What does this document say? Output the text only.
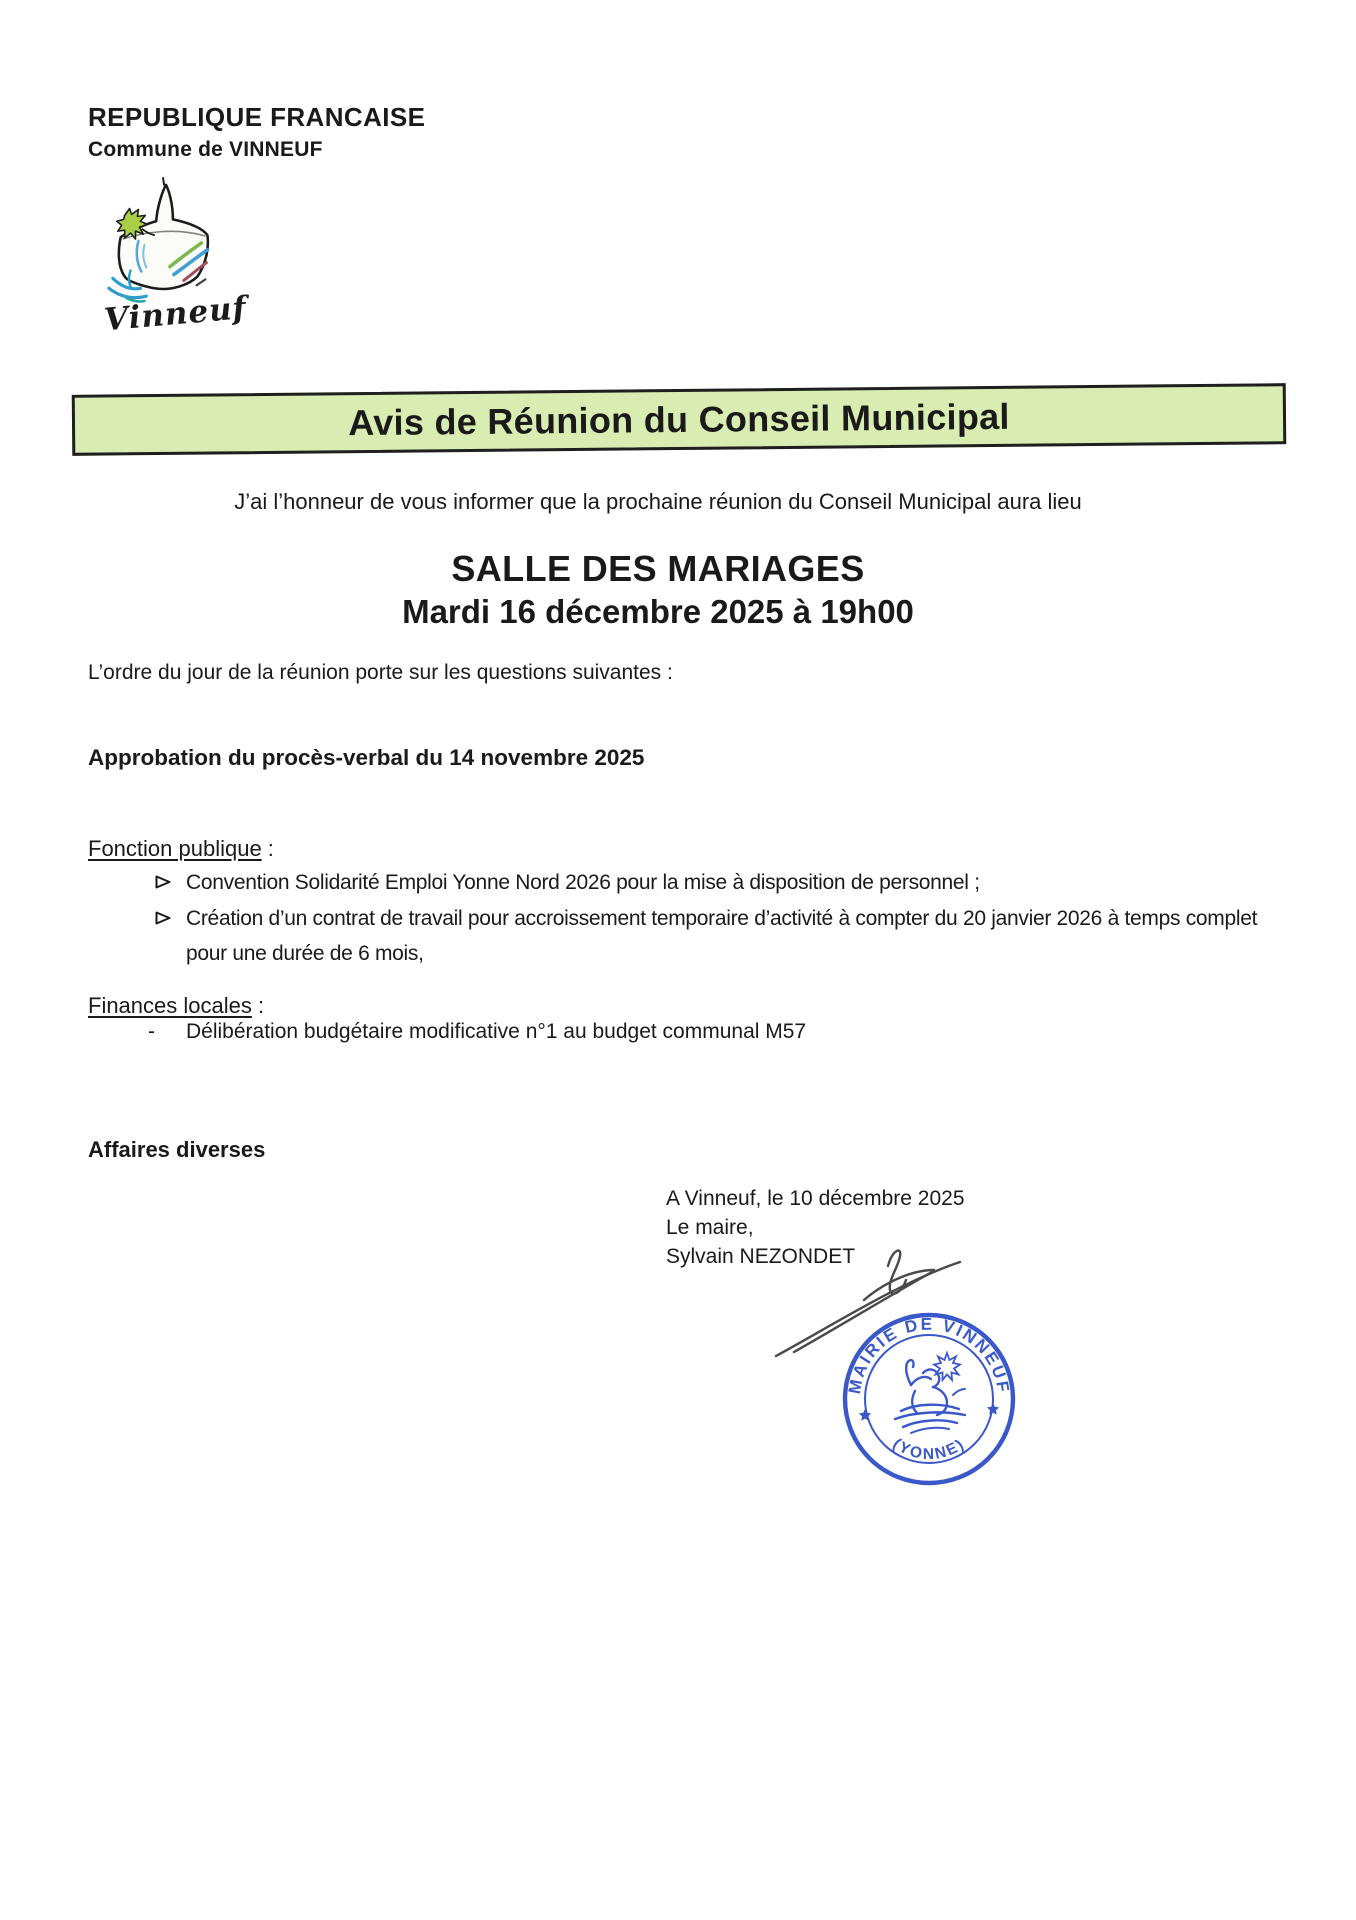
REPUBLIQUE FRANCAISE
Commune de VINNEUF
Vinneuf
Avis de Réunion du Conseil Municipal
J’ai l’honneur de vous informer que la prochaine réunion du Conseil Municipal aura lieu
SALLE DES MARIAGES
Mardi 16 décembre 2025 à 19h00
L’ordre du jour de la réunion porte sur les questions suivantes :
Approbation du procès-verbal du 14 novembre 2025
Fonction publique :
Convention Solidarité Emploi Yonne Nord 2026 pour la mise à disposition de personnel ;
Création d’un contrat de travail pour accroissement temporaire d’activité à compter du 20 janvier 2026 à temps complet pour une durée de 6 mois,
Finances locales :
-	Délibération budgétaire modificative n°1 au budget communal M57
Affaires diverses
A Vinneuf, le 10 décembre 2025
Le maire,
Sylvain NEZONDET
MAIRIE DE VINNEUF
(YONNE)
